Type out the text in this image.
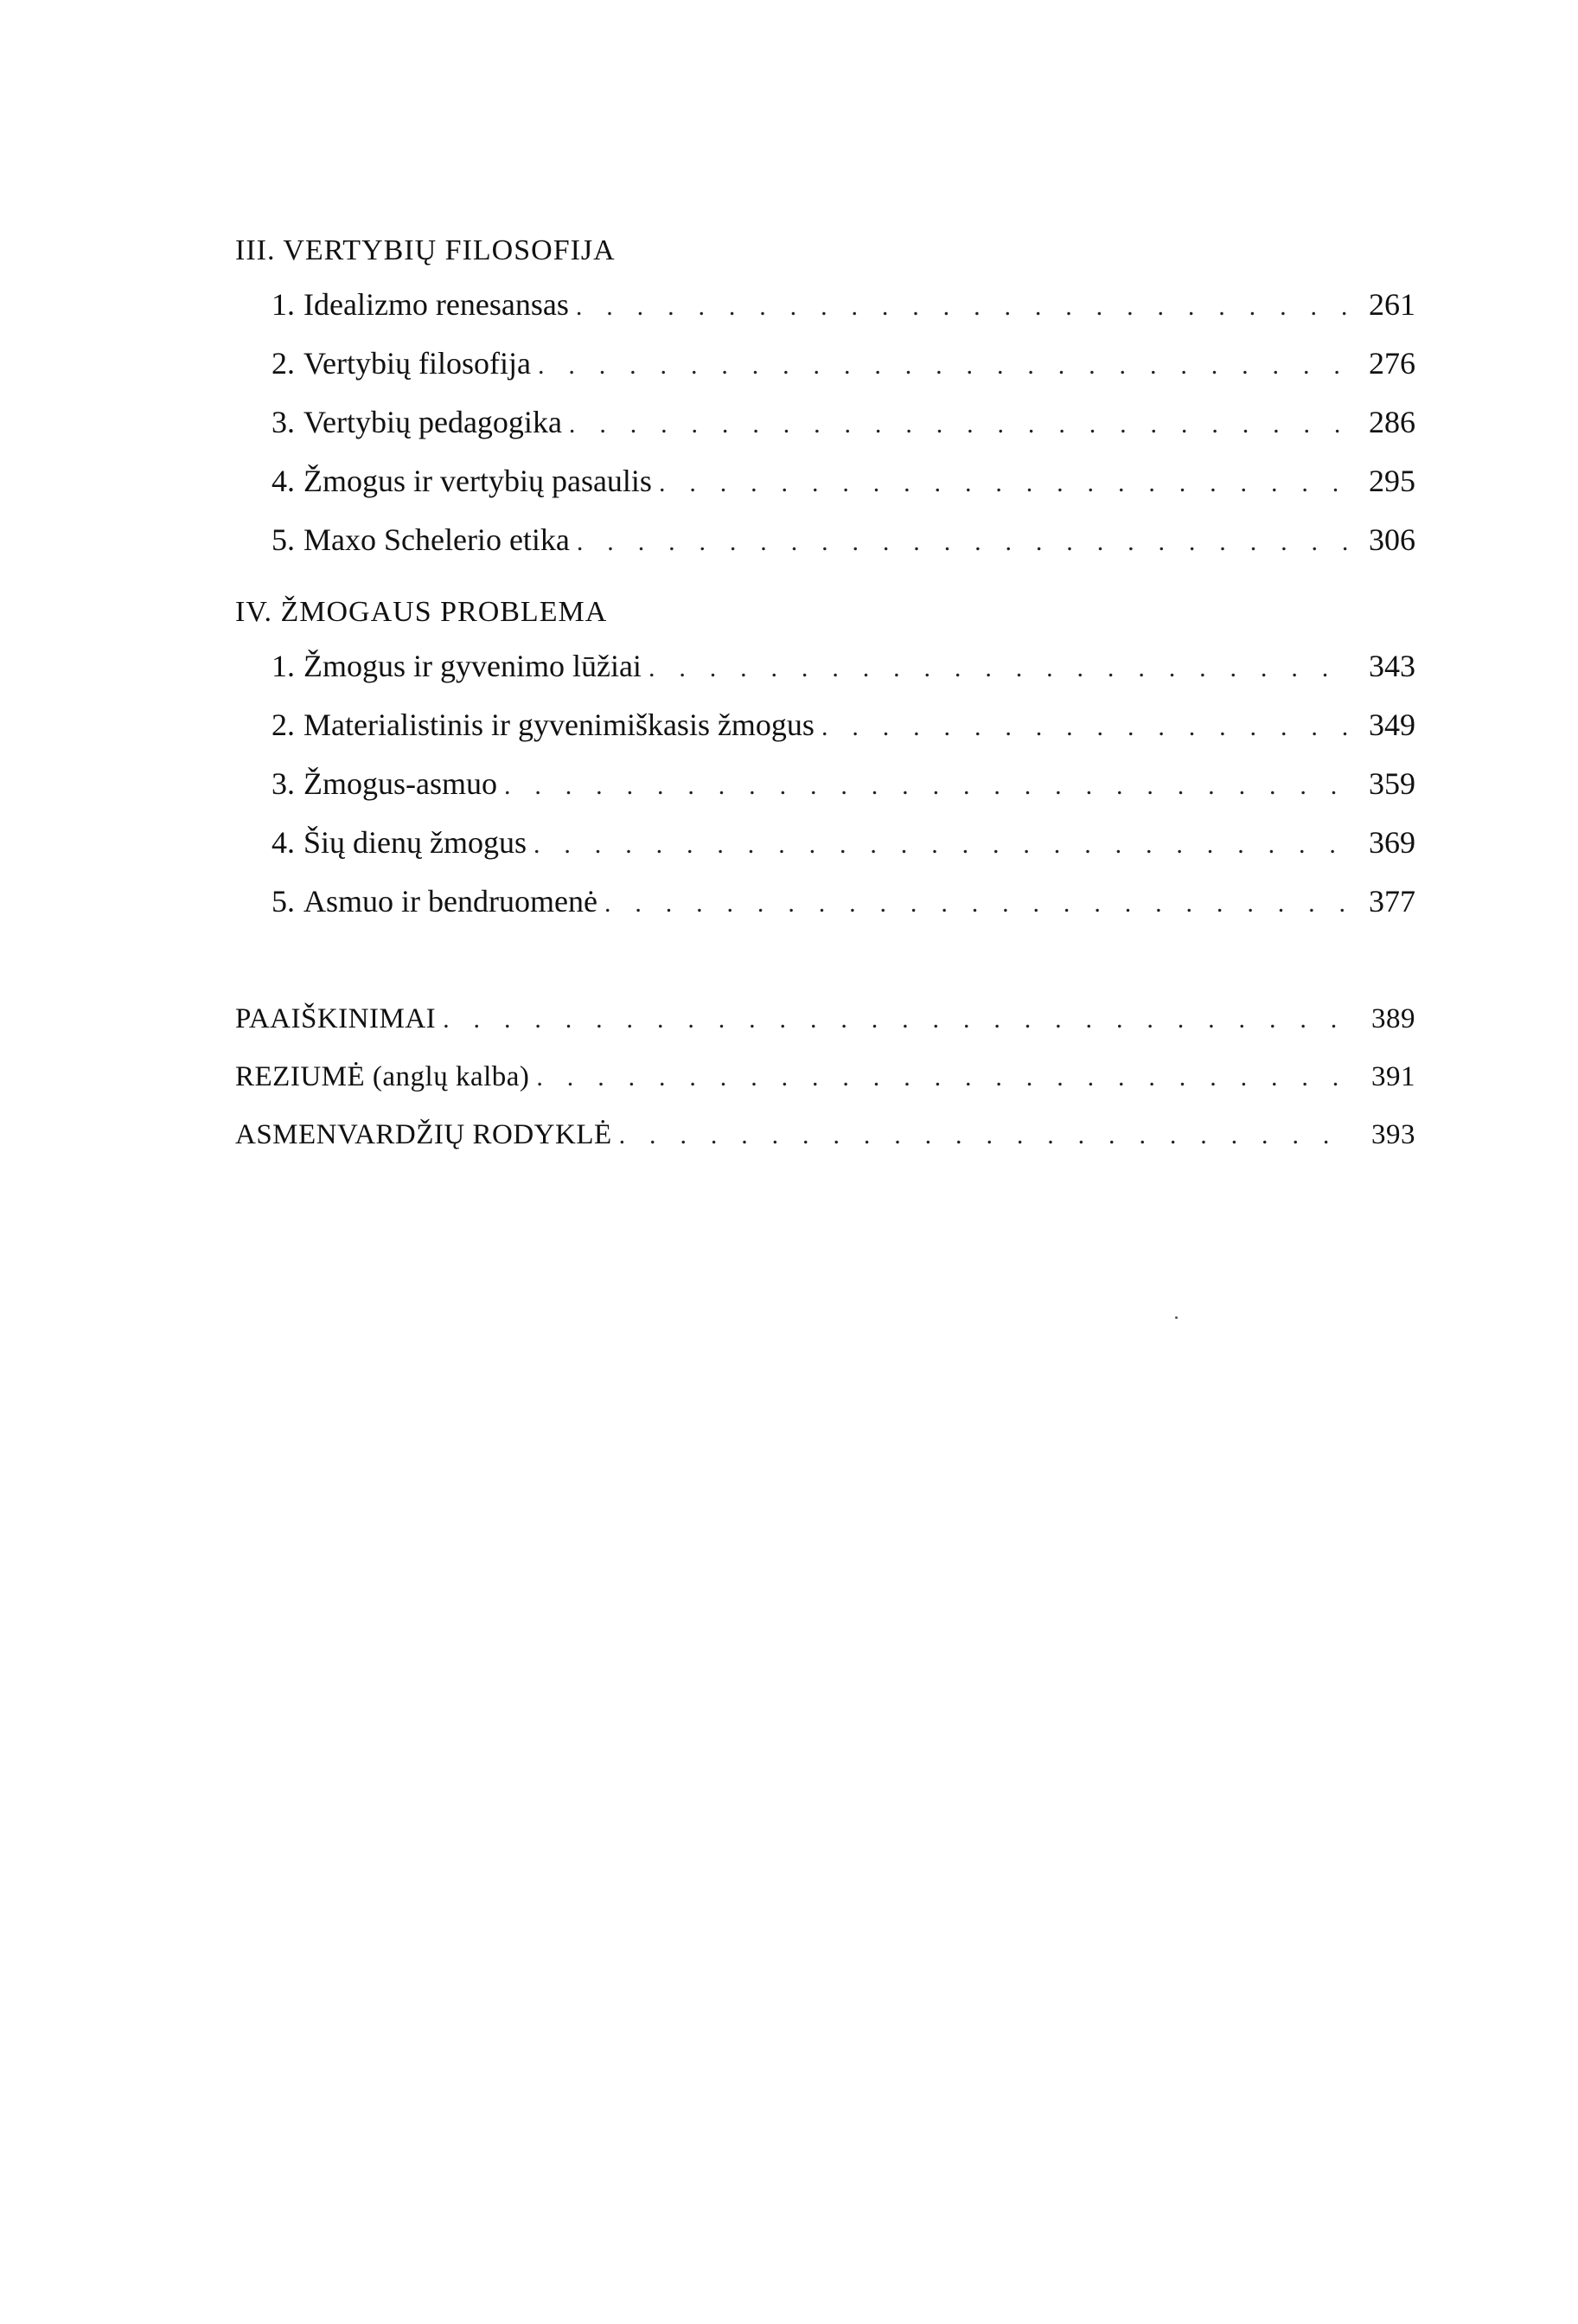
III. VERTYBIŲ FILOSOFIJA
1. Idealizmo renesansas . . .	261
2. Vertybių filosofija . . .	276
3. Vertybių pedagogika . . .	286
4. Žmogus ir vertybių pasaulis . . .	295
5. Maxo Schelerio etika . . .	306
IV. ŽMOGAUS PROBLEMA
1. Žmogus ir gyvenimo lūžiai . . .	343
2. Materialistinis ir gyvenimiškasis žmogus . . .	349
3. Žmogus-asmuo . . .	359
4. Šių dienų žmogus . . .	369
5. Asmuo ir bendruomenė . . .	377
PAAIŠKINIMAI . . .	389
REZIUMĖ (anglų kalba) . . .	391
ASMENVARDŽIŲ RODYKLĖ . . .	393
